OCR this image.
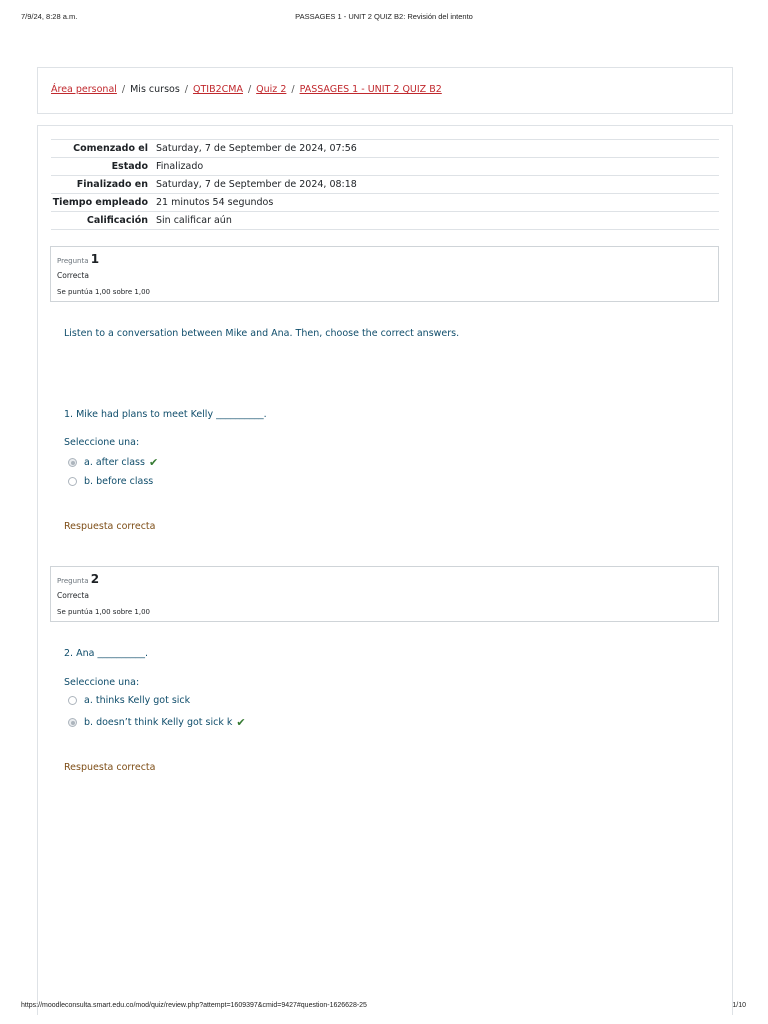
7/9/24, 8:28 a.m.	PASSAGES 1 - UNIT 2 QUIZ B2: Revisión del intento
Área personal / Mis cursos / QTIB2CMA / Quiz 2 / PASSAGES 1 - UNIT 2 QUIZ B2
Comenzado el Saturday, 7 de September de 2024, 07:56
Estado Finalizado
Finalizado en Saturday, 7 de September de 2024, 08:18
Tiempo empleado 21 minutos 54 segundos
Calificación Sin calificar aún
Pregunta 1
Correcta
Se puntúa 1,00 sobre 1,00
Listen to a conversation between Mike and Ana. Then, choose the correct answers.
1. Mike had plans to meet Kelly __________.
Seleccione una:
a. after class ✔
b. before class
Respuesta correcta
Pregunta 2
Correcta
Se puntúa 1,00 sobre 1,00
2. Ana __________.
Seleccione una:
a. thinks Kelly got sick
b. doesn’t think Kelly got sick k ✔
Respuesta correcta
https://moodleconsulta.smart.edu.co/mod/quiz/review.php?attempt=1609397&cmid=9427#question-1626628-25	1/10
